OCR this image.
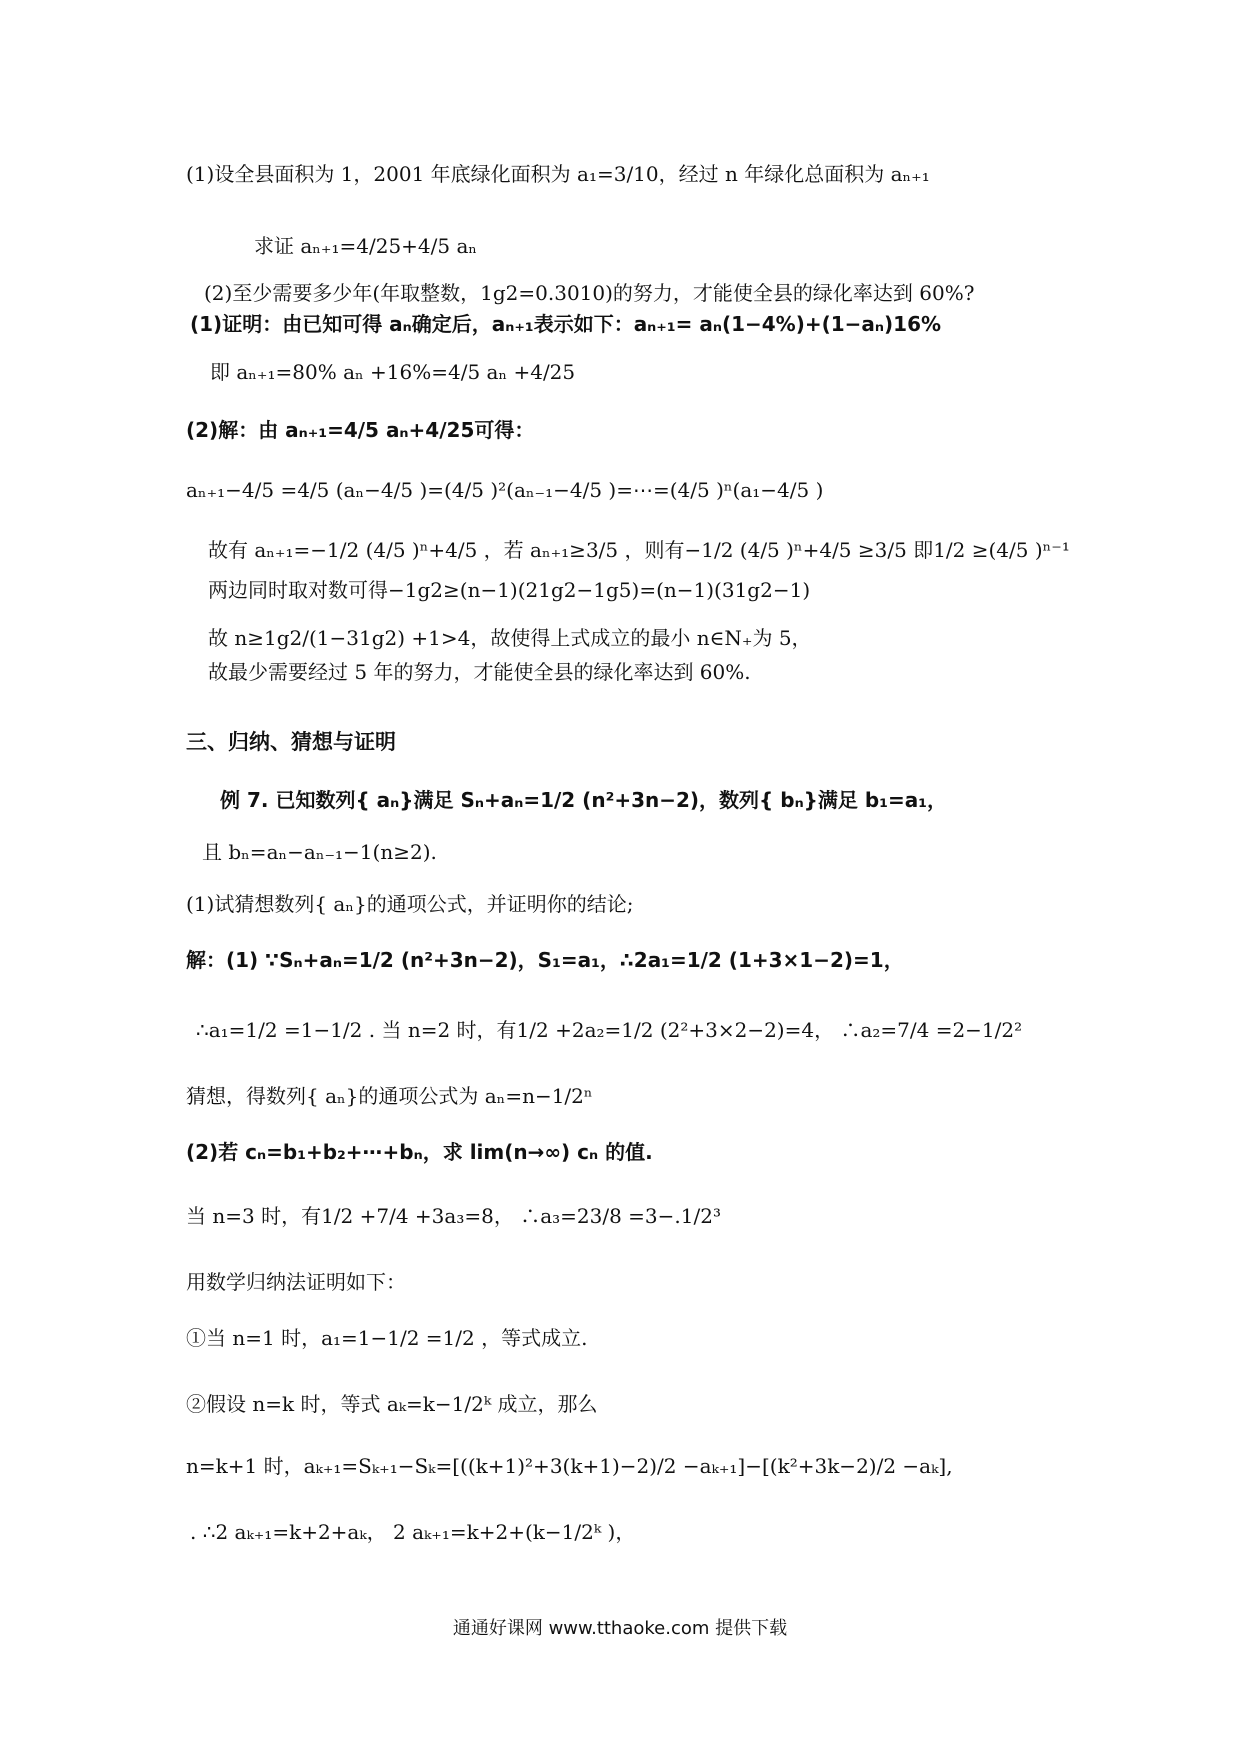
(1)设全县面积为 1，2001 年底绿化面积为 a₁=3/10，经过 n 年绿化总面积为 aₙ₊₁
求证 aₙ₊₁=4/25+4/5 aₙ
(2)至少需要多少年(年取整数，1g2=0.3010)的努力，才能使全县的绿化率达到 60%?
(1)证明：由已知可得 aₙ确定后，aₙ₊₁表示如下：aₙ₊₁= aₙ(1−4%)+(1−aₙ)16%
即 aₙ₊₁=80% aₙ +16%=4/5 aₙ +4/25
(2)解：由 aₙ₊₁=4/5 aₙ+4/25可得：
aₙ₊₁−4/5 =4/5 (aₙ−4/5 )=(4/5 )²(aₙ₋₁−4/5 )=⋯=(4/5 )ⁿ(a₁−4/5 )
故有 aₙ₊₁=−1/2 (4/5 )ⁿ+4/5 ，若 aₙ₊₁≥3/5 ，则有−1/2 (4/5 )ⁿ+4/5 ≥3/5 即1/2 ≥(4/5 )ⁿ⁻¹
两边同时取对数可得−1g2≥(n−1)(21g2−1g5)=(n−1)(31g2−1)
故 n≥1g2/(1−31g2) +1>4，故使得上式成立的最小 n∈N₊为 5，
故最少需要经过 5 年的努力，才能使全县的绿化率达到 60%.
三、归纳、猜想与证明
例 7. 已知数列{ aₙ}满足 Sₙ+aₙ=1/2 (n²+3n−2)，数列{ bₙ}满足 b₁=a₁，
且 bₙ=aₙ−aₙ₋₁−1(n≥2).
(1)试猜想数列{ aₙ}的通项公式，并证明你的结论;
解：(1) ∵Sₙ+aₙ=1/2 (n²+3n−2)，S₁=a₁，∴2a₁=1/2 (1+3×1−2)=1，
∴a₁=1/2 =1−1/2 . 当 n=2 时，有1/2 +2a₂=1/2 (2²+3×2−2)=4， ∴a₂=7/4 =2−1/2²
猜想，得数列{ aₙ}的通项公式为 aₙ=n−1/2ⁿ
(2)若 cₙ=b₁+b₂+⋯+bₙ，求 lim(n→∞) cₙ 的值.
当 n=3 时，有1/2 +7/4 +3a₃=8， ∴a₃=23/8 =3−.1/2³
用数学归纳法证明如下：
①当 n=1 时，a₁=1−1/2 =1/2 ，等式成立.
②假设 n=k 时，等式 aₖ=k−1/2ᵏ 成立，那么
n=k+1 时，aₖ₊₁=Sₖ₊₁−Sₖ=[((k+1)²+3(k+1)−2)/2 −aₖ₊₁]−[(k²+3k−2)/2 −aₖ],
. ∴2 aₖ₊₁=k+2+aₖ， 2 aₖ₊₁=k+2+(k−1/2ᵏ )，
通通好课网 www.tthaoke.com 提供下载
